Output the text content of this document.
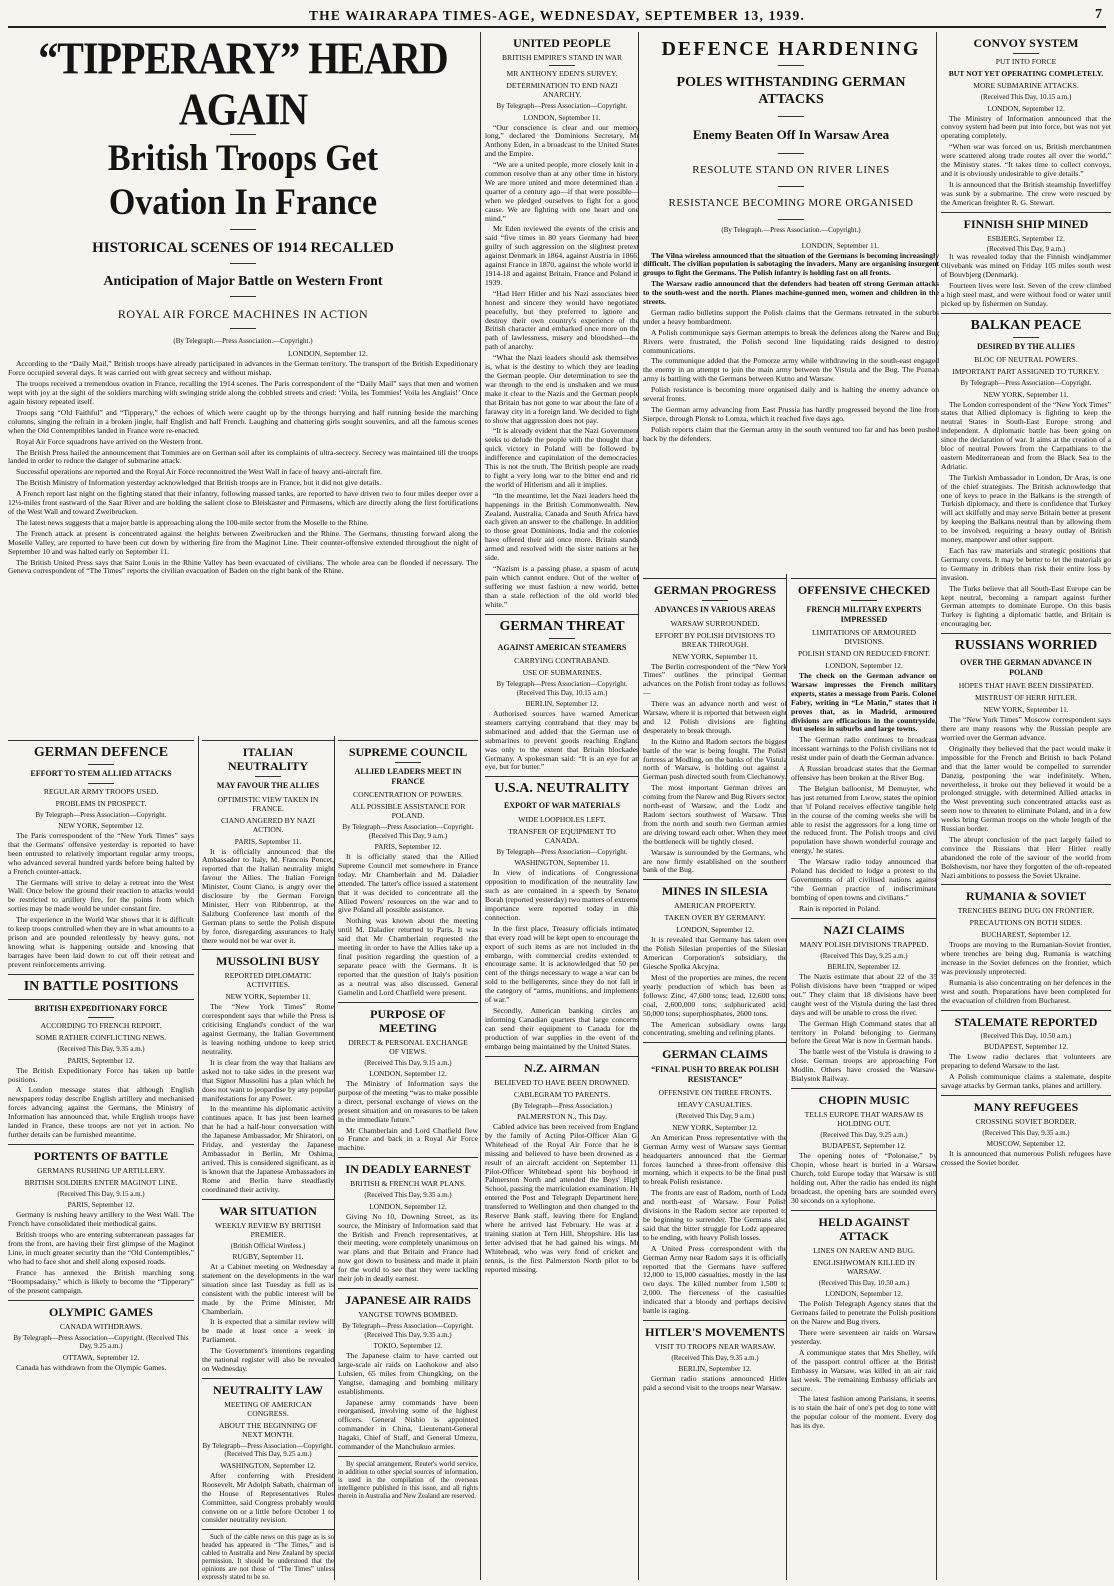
THE WAIRARAPA TIMES-AGE, WEDNESDAY, SEPTEMBER 13, 1939.	7
“TIPPERARY” HEARD AGAIN
British Troops Get Ovation In France
HISTORICAL SCENES OF 1914 RECALLED
Anticipation of Major Battle on Western Front
ROYAL AIR FORCE MACHINES IN ACTION
(By Telegraph.—Press Association.—Copyright.)
LONDON, September 12.

According to the “Daily Mail,” British troops have already participated in advances in the German territory. The transport of the British Expeditionary Force occupied several days. It was carried out with great secrecy and without mishap.

The troops received a tremendous ovation in France, recalling the 1914 scenes. The Paris correspondent of the “Daily Mail” says that men and women wept with joy at the sight of the soldiers marching with swinging stride along the cobbled streets and cried: ‘Voila, les Tommies! Voila les Anglais!’ Once again history repeated itself.

Troops sang “Old Faithful” and “Tipperary,” the echoes of which were caught up by the throngs hurrying and half running beside the marching columns, singing the refrain in a broken jingle, half English and half French. Laughing and chattering girls sought souvenirs, and all the famous scenes when the Old Contemptibles landed in France were re-enacted.

Royal Air Force squadrons have arrived on the Western front.

The British Press hailed the announcement that Tommies are on German soil after its complaints of ultra-secrecy. Secrecy was maintained till the troops landed in order to reduce the danger of submarine attack.

Successful operations are reported and the Royal Air Force reconnoitred the West Wall in face of heavy anti-aircraft fire.

The British Ministry of Information yesterday acknowledged that British troops are in France, but it did not give details.

A French report last night on the fighting stated that their infantry, following massed tanks, are reported to have driven two to four miles deeper over a 12½-miles front eastward of the Saar River and are holding the salient close to Bleiskaster and Pirmasens, which are directly along the first fortifications of the West Wall and toward Zweibrucken.

The latest news suggests that a major battle is approaching along the 100-mile sector from the Moselle to the Rhine.

The French attack at present is concentrated against the heights between Zweibrucken and the Rhine. The Germans, thrusting forward along the Moselle Valley, are reported to have been cut down by withering fire from the Maginot Line. Their counter-offensive extended throughout the night of September 10 and was halted early on September 11.

The British United Press says that Saint Louis in the Rhine Valley has been evacuated of civilians. The whole area can be flooded if necessary. The Geneva correspondent of “The Times” reports the civilian evacuation of Baden on the right bank of the Rhine.

GERMAN DEFENCE
EFFORT TO STEM ALLIED ATTACKS
REGULAR ARMY TROOPS USED.
PROBLEMS IN PROSPECT.
By Telegraph—Press Association—Copyright.
NEW YORK, September 12.

The Paris correspondent of the “New York Times” says that the Germans' offensive yesterday is reported to have been entrusted to relatively important regular army troops, who advanced several hundred yards before being halted by a French counter-attack.

The Germans will strive to delay a retreat into the West Wall. Once below the ground their reaction to attacks would be restricted to artillery fire, for the points from which sorties may be made would be under constant fire.

The experience in the World War shows that it is difficult to keep troops controlled when they are in what amounts to a prison and are pounded relentlessly by heavy guns, not knowing what is happening outside and knowing that barrages have been laid down to cut off their retreat and prevent reinforcements arriving.

IN BATTLE POSITIONS
BRITISH EXPEDITIONARY FORCE
ACCORDING TO FRENCH REPORT.
SOME RATHER CONFLICTING NEWS.
(Received This Day, 9.35 a.m.)
PARIS, September 12.

The British Expeditionary Force has taken up battle positions.

A London message states that although English newspapers today describe English artillery and mechanised forces advancing against the Germans, the Ministry of Information has announced that, while English troops have landed in France, these troops are not yet in action. No further details can be furnished meantime.

PORTENTS OF BATTLE
GERMANS RUSHING UP ARTILLERY.
BRITISH SOLDIERS ENTER MAGINOT LINE.
(Received This Day, 9.15 a.m.)
PARIS, September 12.

Germany is rushing heavy artillery to the West Wall. The French have consolidated their methodical gains.

British troops who are entering subterranean passages far from the front, are having their first glimpse of the Maginot Line, in much greater security than the “Old Contemptibles,” who had to face shot and shell along exposed roads.

France has annexed the British marching song “Boompsadaisy,” which is likely to become the “Tipperary” of the present campaign.

OLYMPIC GAMES
CANADA WITHDRAWS.
By Telegraph—Press Association—Copyright. (Received This Day, 9.25 a.m.)
OTTAWA, September 12.

Canada has withdrawn from the Olympic Games.

ITALIAN NEUTRALITY
MAY FAVOUR THE ALLIES
OPTIMISTIC VIEW TAKEN IN FRANCE.
CIANO ANGERED BY NAZI ACTION.
PARIS, September 11.

It is officially announced that the Ambassador to Italy, M. Francois Poncet, reported that the Italian neutrality might favour the Allies. The Italian Foreign Minister, Count Ciano, is angry over the disclosure by the German Foreign Minister, Herr von Ribbentrop, at the Salzburg Conference last month of the German plans to settle the Polish dispute by force, disregarding assurances to Italy there would not be war over it.

MUSSOLINI BUSY
REPORTED DIPLOMATIC ACTIVITIES.
NEW YORK, September 11.

The “New York Times” Rome correspondent says that while the Press is criticising England's conduct of the war against Germany, the Italian Government is leaving nothing undone to keep strict neutrality.

It is clear from the way that Italians are asked not to take sides in the present war that Signor Mussolini has a plan which he does not want to jeopardise by any popular manifestations for any Power.

In the meantime his diplomatic activity continues apace. It has just been learned that he had a half-hour conversation with the Japanese Ambassador, Mr Shiratori, on Friday, and yesterday the Japanese Ambassador in Berlin, Mr Oshima, arrived. This is considered significant, as it is known that the Japanese Ambassadors in Rome and Berlin have steadfastly coordinated their activity.

WAR SITUATION
WEEKLY REVIEW BY BRITISH PREMIER.
(British Official Wireless.)
RUGBY, September 11.

At a Cabinet meeting on Wednesday a statement on the developments in the war situation since last Tuesday as full as is consistent with the public interest will be made by the Prime Minister, Mr Chamberlain.

It is expected that a similar review will be made at least once a week in Parliament.

The Government's intentions regarding the national register will also be revealed on Wednesday.

NEUTRALITY LAW
MEETING OF AMERICAN CONGRESS.
ABOUT THE BEGINNING OF NEXT MONTH.
By Telegraph—Press Association—Copyright. (Received This Day, 9.25 a.m.)
WASHINGTON, September 12.

After conferring with President Roosevelt, Mr Adolph Sabath, chairman of the House of Representatives Rules Committee, said Congress probably would convene on or a little before October 1 to consider neutrality revision.

Such of the cable news on this page as is so headed has appeared in “The Times,” and is cabled to Australia and New Zealand by special permission. It should be understood that the opinions are not those of “The Times” unless expressly stated to be so.

SUPREME COUNCIL
ALLIED LEADERS MEET IN FRANCE
CONCENTRATION OF POWERS.
ALL POSSIBLE ASSISTANCE FOR POLAND.
By Telegraph—Press Association—Copyright. (Received This Day, 9 a.m.)
PARIS, September 12.

It is officially stated that the Allied Supreme Council met somewhere in France today. Mr Chamberlain and M. Daladier attended. The latter's office issued a statement that it was decided to concentrate all the Allied Powers' resources on the war and to give Poland all possible assistance.

Nothing was known about the meeting until M. Daladier returned to Paris. It was said that Mr Chamberlain requested the meeting in order to have the Allies take up a final position regarding the question of a separate peace with the Germans. It is reported that the question of Italy's position as a neutral was also discussed. General Gamelin and Lord Chatfield were present.

PURPOSE OF MEETING
DIRECT & PERSONAL EXCHANGE OF VIEWS.
(Received This Day, 9.15 a.m.)
LONDON, September 12.

The Ministry of Information says the purpose of the meeting “was to make possible a direct, personal exchange of views on the present situation and on measures to be taken in the immediate future.”

Mr Chamberlain and Lord Chatfield flew to France and back in a Royal Air Force machine.

IN DEADLY EARNEST
BRITISH & FRENCH WAR PLANS.
(Received This Day, 9.35 a.m.)
LONDON, September 12.

Giving No 10, Downing Street, as its source, the Ministry of Information said that the British and French representatives, at their meeting, were completely unanimous on war plans and that Britain and France had now got down to business and made it plain for the world to see that they were tackling their job in deadly earnest.

JAPANESE AIR RAIDS
YANGTSE TOWNS BOMBED.
By Telegraph—Press Association—Copyright. (Received This Day, 9.35 a.m.)
TOKIO, September 12.

The Japanese claim to have carried out large-scale air raids on Laohokow and also Luhsien, 65 miles from Chungking, on the Yangtse, damaging and bombing military establishments.

Japanese army commands have been reorganised, involving some of the highest officers. General Nishio is appointed commander in China, Lieutenant-General Itagaki, Chief of Staff, and General Umezu, commander of the Manchukuo armies.

By special arrangement, Reuter's world service, in addition to other special sources of information, is used in the compilation of the overseas intelligence published in this issue, and all rights therein in Australia and New Zealand are reserved.

UNITED PEOPLE
BRITISH EMPIRE'S STAND IN WAR
MR ANTHONY EDEN'S SURVEY.
DETERMINATION TO END NAZI ANARCHY.
By Telegraph—Press Association—Copyright.
LONDON, September 11.

“Our conscience is clear and our memory long,” declared the Dominions Secretary, Mr Anthony Eden, in a broadcast to the United States and the Empire.

“We are a united people, more closely knit in a common resolve than at any other time in history. We are more united and more determined than a quarter of a century ago—if that were possible—when we pledged ourselves to fight for a good cause. We are fighting with one heart and one mind.”

Mr Eden reviewed the events of the crisis and said “five times in 80 years Germany had been guilty of such aggression on the slightest pretext against Denmark in 1864, against Austria in 1866, against France in 1870, against the whole world in 1914-18 and against Britain, France and Poland in 1939.

“Had Herr Hitler and his Nazi associates been honest and sincere they would have negotiated peacefully, but they preferred to ignore and destroy their own country's experience of the British character and embarked once more on the path of lawlessness, misery and bloodshed—the path of anarchy.

“What the Nazi leaders should ask themselves is, what is the destiny to which they are leading the German people. Our determination to see the war through to the end is unshaken and we must make it clear to the Nazis and the German people that Britain has not gone to war about the fate of a faraway city in a foreign land. We decided to fight to show that aggression does not pay.

“It is already evident that the Nazi Government seeks to delude the people with the thought that a quick victory in Poland will be followed by indifference and capitulation of the democracies. This is not the truth. The British people are ready to fight a very long war to the bitter end and rid the world of Hitlerism and all it implies.

“In the meantime, let the Nazi leaders heed the happenings in the British Commonwealth. New Zealand, Australia, Canada and South Africa have each given an answer to the challenge. In addition to those great Dominions, India and the colonies have offered their aid once more. Britain stands armed and resolved with the sister nations at her side.

“Nazism is a passing phase, a spasm of acute pain which cannot endure. Out of the welter of suffering we must fashion a new world, better than a stale reflection of the old world bled white.”

GERMAN THREAT
AGAINST AMERICAN STEAMERS
CARRYING CONTRABAND.
USE OF SUBMARINES.
By Telegraph—Press Association—Copyright. (Received This Day, 10.15 a.m.)
BERLIN, September 12.

Authorised sources have warned American steamers carrying contraband that they may be submarined and added that the German use of submarines to prevent goods reaching England was only to the extent that Britain blockades Germany. A spokesman said: “It is an eye for an eye, but for butter.”

U.S.A. NEUTRALITY
EXPORT OF WAR MATERIALS
WIDE LOOPHOLES LEFT.
TRANSFER OF EQUIPMENT TO CANADA.
By Telegraph—Press Association—Copyright.
WASHINGTON, September 11.

In view of indications of Congressional opposition to modification of the neutrality law, such as are contained in a speech by Senator Borah (reported yesterday) two matters of extreme importance were reported today in this connection.

In the first place, Treasury officials intimated that every road will be kept open to encourage the export of such items as are not included in the embargo, with commercial credits extended to encourage same. It is acknowledged that 50 per cent of the things necessary to wage a war can be sold to the belligerents, since they do not fall in the category of “arms, munitions, and implements of war.”

Secondly, American banking circles are informing Canadian quarters that large concerns can send their equipment to Canada for the production of war supplies in the event of the embargo being maintained by the United States.

N.Z. AIRMAN
BELIEVED TO HAVE BEEN DROWNED.
CABLEGRAM TO PARENTS.
(By Telegraph—Press Association.)
PALMERSTON N., This Day.

Cabled advice has been received from England by the family of Acting Pilot-Officer Alan G. Whitehead of the Royal Air Force that he is missing and believed to have been drowned as a result of an aircraft accident on September 11. Pilot-Officer Whitehead spent his boyhood in Palmerston North and attended the Boys' High School, passing the matriculation examination. He entered the Post and Telegraph Department here, transferred to Wellington and then changed to the Reserve Bank staff, leaving there for England, where he arrived last February. He was at a training station at Tern Hill, Shropshire. His last letter advised that he had gained his wings. Mr Whitehead, who was very fond of cricket and tennis, is the first Palmerston North pilot to be reported missing.

DEFENCE HARDENING
POLES WITHSTANDING GERMAN ATTACKS
Enemy Beaten Off In Warsaw Area
RESOLUTE STAND ON RIVER LINES
RESISTANCE BECOMING MORE ORGANISED
(By Telegraph.—Press Association.—Copyright.)
LONDON, September 11.

The Vilna wireless announced that the situation of the Germans is becoming increasingly difficult. The civilian population is sabotaging the invaders. Many are organising insurgent groups to fight the Germans. The Polish infantry is holding fast on all fronts.

The Warsaw radio announced that the defenders had beaten off strong German attacks to the south-west and the north. Planes machine-gunned men, women and children in the streets.

German radio bulletins support the Polish claims that the Germans retreated in the suburbs under a heavy bombardment.

A Polish communique says German attempts to break the defences along the Narew and Bug Rivers were frustrated, the Polish second line liquidating raids designed to destroy communications.

The communique added that the Pomorze army while withdrawing in the south-east engaged the enemy in an attempt to join the main army between the Vistula and the Bug. The Poznan army is battling with the Germans between Kutno and Warsaw.

Polish resistance is becoming more organised daily and is halting the enemy advance on several fronts.

The German army advancing from East Prussia has hardly progressed beyond the line from Sierpce, through Plonsk to Lomza, which it reached five days ago.

Polish reports claim that the German army in the south ventured too far and has been pushed back by the defenders.

GERMAN PROGRESS
ADVANCES IN VARIOUS AREAS
WARSAW SURROUNDED.
EFFORT BY POLISH DIVISIONS TO BREAK THROUGH.
NEW YORK, September 11.

The Berlin correspondent of the “New York Times” outlines the principal German advances on the Polish front today as follows:—

There was an advance north and west of Warsaw, where it is reported that between eight and 12 Polish divisions are fighting desperately to break through.

In the Kutno and Radom sectors the biggest battle of the war is being fought. The Polish fortress at Modling, on the banks of the Vistula north of Warsaw, is holding out against a German push directed south from Ciechanowy.

The most important German drives are coming from the Narew and Bug Rivers sector, north-east of Warsaw, and the Lodz and Radom sectors southwest of Warsaw. Thus from the north and south two German armies are driving toward each other. When they meet the bottleneck will be tightly closed.

Warsaw is surrounded by the Germans, who are now firmly established on the southern bank of the Bug.

MINES IN SILESIA
AMERICAN PROPERTY.
TAKEN OVER BY GERMANY.
LONDON, September 12.

It is revealed that Germany has taken over the Polish Silesian properties of the Silesian American Corporation's subsidiary, the Giesche Spolka Akcyjna.

Most of the properties are mines, the recent yearly production of which has been as follows: Zinc, 47,600 tons; lead, 12,600 tons; coal, 2,600,000 tons; sulphuricated acid, 50,000 tons; superphosphates, 2600 tons.

The American subsidiary owns large concentrating, smelting and refining plants.

GERMAN CLAIMS
“FINAL PUSH TO BREAK POLISH RESISTANCE”
OFFENSIVE ON THREE FRONTS.
HEAVY CASUALTIES.
(Received This Day, 9 a.m.)
NEW YORK, September 12.

An American Press representative with the German Army west of Warsaw says German headquarters announced that the German forces launched a three-front offensive this morning, which it expects to be the final push to break Polish resistance.

The fronts are east of Radom, north of Lodz and north-east of Warsaw. Four Polish divisions in the Radom sector are reported to be beginning to surrender. The Germans also said that the bitter struggle for Lodz appeared to be ending, with heavy Polish losses.

A United Press correspondent with the German Army near Radom says it is officially reported that the Germans have suffered 12,000 to 15,000 casualties, mostly in the last two days. The killed number from 1,500 to 2,000. The fierceness of the casualties indicated that a bloody and perhaps decisive battle is raging.

HITLER'S MOVEMENTS
VISIT TO TROOPS NEAR WARSAW.
(Received This Day, 9.35 a.m.)
BERLIN, September 12.

German radio stations announced Hitler paid a second visit to the troops near Warsaw.

OFFENSIVE CHECKED
FRENCH MILITARY EXPERTS IMPRESSED
LIMITATIONS OF ARMOURED DIVISIONS.
POLISH STAND ON REDUCED FRONT.
LONDON, September 12.

The check on the German advance on Warsaw impresses the French military experts, states a message from Paris. Colonel Fabry, writing in “Le Matin,” states that it proves that, as in Madrid, armoured divisions are efficacious in the countryside, but useless in suburbs and large towns.

The German radio continues to broadcast incessant warnings to the Polish civilians not to resist under pain of death the German advance.

A Russian broadcast states that the German offensive has been broken at the River Bug.

The Belgian balloonist, M Demuyter, who has just returned from Lwow, states the opinion that 'if Poland receives effective tangible help in the course of the coming weeks she will be able to resist the aggressors for a long time on the reduced front. The Polish troops and civil population have shown wonderful courage and energy,' he states.

The Warsaw radio today announced that Poland has decided to lodge a protest to the Governments of all civilised nations against “the German practice of indiscriminate bombing of open towns and civilians.”

Rain is reported in Poland.

NAZI CLAIMS
MANY POLISH DIVISIONS TRAPPED.
(Received This Day, 9.25 a.m.)
BERLIN, September 12.

The Nazis estimate that about 22 of the 35 Polish divisions have been “trapped or wiped out.” They claim that 18 divisions have been caught west of the Vistula during the last three days and will be unable to cross the river.

The German High Command states that all territory in Poland belonging to Germany before the Great War is now in German hands.

The battle west of the Vistula is drawing to a close. German troops are approaching Fort Modlin. Others have crossed the Warsaw-Bialystok Railway.

CHOPIN MUSIC
TELLS EUROPE THAT WARSAW IS HOLDING OUT.
(Received This Day, 9.25 a.m.)
BUDAPEST, September 12.

The opening notes of “Polonaise,” by Chopin, whose heart is buried in a Warsaw Church, told Europe today that Warsaw is still holding out. After the radio has ended its night broadcast, the opening bars are sounded every 30 seconds on a xylophone.

HELD AGAINST ATTACK
LINES ON NAREW AND BUG.
ENGLISHWOMAN KILLED IN WARSAW.
(Received This Day, 10.50 a.m.)
LONDON, September 12.

The Polish Telegraph Agency states that the Germans failed to penetrate the Polish positions on the Narew and Bug rivers.

There were seventeen air raids on Warsaw yesterday.

A communique states that Mrs Shelley, wife of the passport control officer at the British Embassy in Warsaw, was killed in an air raid last week. The remaining Embassy officials are secure.

The latest fashion among Parisians, it seems, is to stain the hair of one's pet dog to tone with the popular colour of the moment. Every dog has its dye.

CONVOY SYSTEM
PUT INTO FORCE
BUT NOT YET OPERATING COMPLETELY.
MORE SUBMARINE ATTACKS.
(Received This Day, 10.15 a.m.)
LONDON, September 12.

The Ministry of Information announced that the convoy system had been put into force, but was not yet operating completely.

“When war was forced on us, British merchantmen were scattered along trade routes all over the world,” the Ministry states. “It takes time to collect convoys, and it is obviously undesirable to give details.”

It is announced that the British steamship Inverliffey was sunk by a submarine. The crew were rescued by the American freighter R. G. Stewart.

FINNISH SHIP MINED
ESBJERG, September 12.
(Received This Day, 9 a.m.)

It was revealed today that the Finnish windjammer Olivebank was mined on Friday 105 miles south west of Bouvbjerg (Denmark).

Fourteen lives were lost. Seven of the crew climbed a high steel mast, and were without food or water until picked up by fishermen on Sunday.

BALKAN PEACE
DESIRED BY THE ALLIES
BLOC OF NEUTRAL POWERS.
IMPORTANT PART ASSIGNED TO TURKEY.
By Telegraph—Press Association—Copyright.
NEW YORK, September 11.

The London correspondent of the “New York Times” states that Allied diplomacy is fighting to keep the neutral States in South-East Europe strong and independent. A diplomatic battle has been going on since the declaration of war. It aims at the creation of a bloc of neutral Powers from the Carpathians to the eastern Mediterranean and from the Black Sea to the Adriatic.

The Turkish Ambassador in London, Dr Aras, is one of the chief strategists. The British acknowledge that one of keys to peace in the Balkans is the strength of Turkish diplomacy, and there is confidence that Turkey will act skilfully and may serve Britain better at present by keeping the Balkans neutral than by allowing them to be involved, requiring a heavy outlay of British money, manpower and other support.

Each has raw materials and strategic positions that Germany covets. It may be better to let the materials go to Germany in driblets than risk their entire loss by invasion.

The Turks believe that all South-East Europe can be kept neutral, becoming a rampart against further German attempts to dominate Europe. On this basis Turkey is fighting a diplomatic battle, and Britain is encouraging her.

RUSSIANS WORRIED
OVER THE GERMAN ADVANCE IN POLAND
HOPES THAT HAVE BEEN DISSIPATED.
MISTRUST OF HERR HITLER.
NEW YORK, September 11.

The “New York Times” Moscow correspondent says there are many reasons why the Russian people are worried over the German advance.

Originally they believed that the pact would make it impossible for the French and British to back Poland and that the latter would be compelled to surrender Danzig, postponing the war indefinitely. When, nevertheless, it broke out they believed it would be a prolonged struggle, with determined Allied attacks in the West preventing such concentrated attacks east as seem now to threaten to eliminate Poland, and in a few weeks bring German troops on the whole length of the Russian border.

The abrupt conclusion of the pact largely failed to convince the Russians that Herr Hitler really abandoned the role of the saviour of the world from Bolshevism, nor have they forgotten of the oft-repeated Nazi ambitions to possess the Soviet Ukraine.

RUMANIA & SOVIET
TRENCHES BEING DUG ON FRONTIER.
PRECAUTIONS ON BOTH SIDES.
BUCHAREST, September 12.

Troops are moving to the Rumanian-Soviet frontier, where trenches are being dug. Rumania is watching increase in the Soviet defences on the frontier, which was previously unprotected.

Rumania is also concentrating on her defences in the west and south. Preparations have been completed for the evacuation of children from Bucharest.

STALEMATE REPORTED
(Received This Day, 10.50 a.m.)
BUDAPEST, September 12.

The Lwow radio declares that volunteers are preparing to defend Warsaw to the last.

A Polish communique claims a stalemate, despite savage attacks by German tanks, planes and artillery.

MANY REFUGEES
CROSSING SOVIET BORDER.
(Received This Day, 9.35 a.m.)
MOSCOW, September 12.

It is announced that numerous Polish refugees have crossed the Soviet border.
